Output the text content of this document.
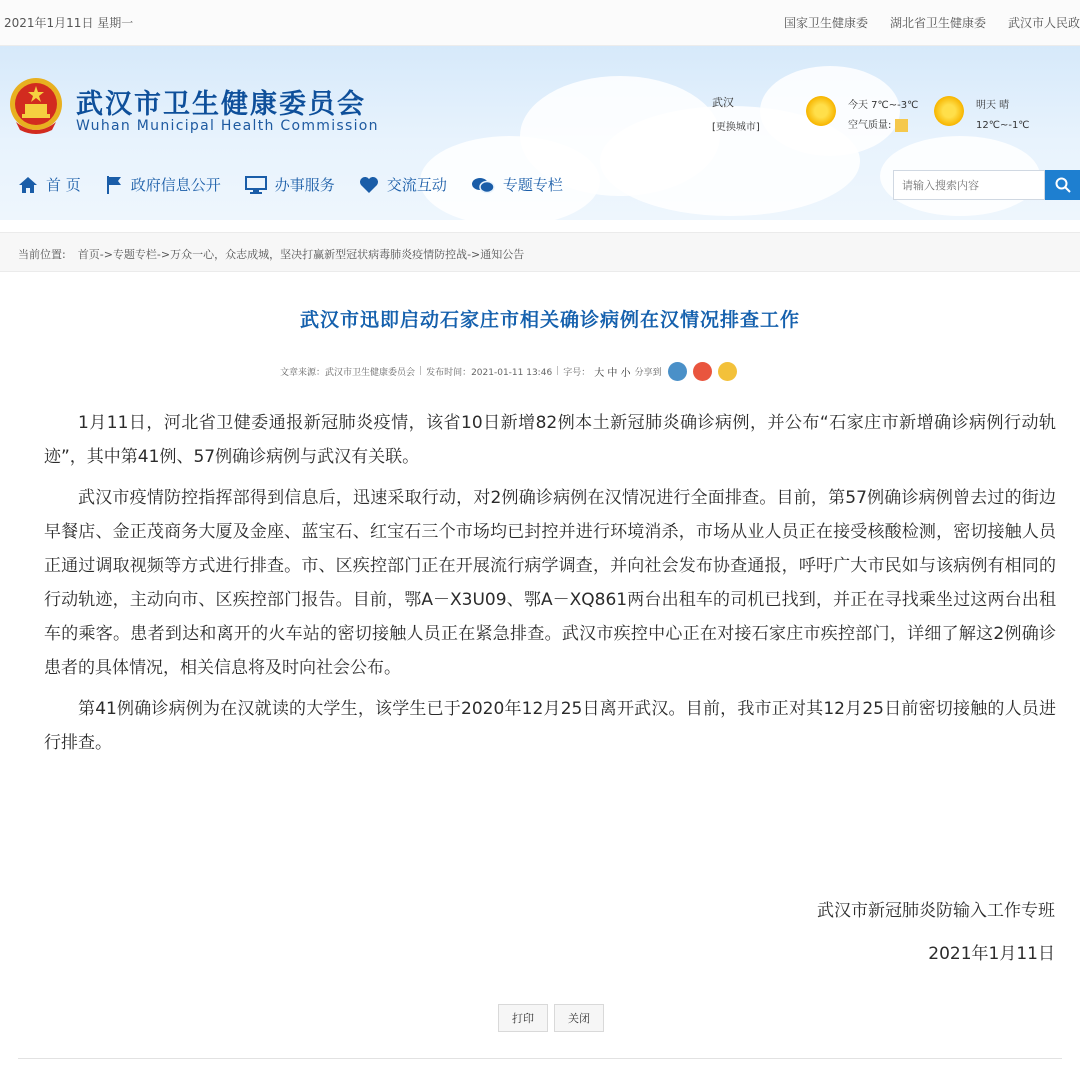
2021年1月11日 星期一	国家卫生健康委 湖北省卫生健康委 武汉市人民政
武汉市卫生健康委员会
Wuhan Municipal Health Commission
武汉
[更换城市]
今天 7℃~-3℃
空气质量:
明天 晴
12℃~-1℃
首 页	政府信息公开	办事服务	交流互动	专题专栏
请输入搜索内容
当前位置: 首页->专题专栏->万众一心，众志成城，坚决打赢新型冠状病毒肺炎疫情防控战->通知公告
武汉市迅即启动石家庄市相关确诊病例在汉情况排查工作
文章来源：武汉市卫生健康委员会 | 发布时间：2021-01-11 13:46 | 字号： 大 中 小 分享到

1月11日，河北省卫健委通报新冠肺炎疫情，该省10日新增82例本土新冠肺炎确诊病例，并公布“石家庄市新增确诊病例行动轨迹”，其中第41例、57例确诊病例与武汉有关联。

武汉市疫情防控指挥部得到信息后，迅速采取行动，对2例确诊病例在汉情况进行全面排查。目前，第57例确诊病例曾去过的街边早餐店、金正茂商务大厦及金座、蓝宝石、红宝石三个市场均已封控并进行环境消杀，市场从业人员正在接受核酸检测，密切接触人员正通过调取视频等方式进行排查。市、区疾控部门正在开展流行病学调查，并向社会发布协查通报，呼吁广大市民如与该病例有相同的行动轨迹，主动向市、区疾控部门报告。目前，鄂A－X3U09、鄂A－XQ861两台出租车的司机已找到，并正在寻找乘坐过这两台出租车的乘客。患者到达和离开的火车站的密切接触人员正在紧急排查。武汉市疾控中心正在对接石家庄市疾控部门，详细了解这2例确诊患者的具体情况，相关信息将及时向社会公布。

第41例确诊病例为在汉就读的大学生，该学生已于2020年12月25日离开武汉。目前，我市正对其12月25日前密切接触的人员进行排查。

武汉市新冠肺炎防输入工作专班
2021年1月11日
打印	关闭
